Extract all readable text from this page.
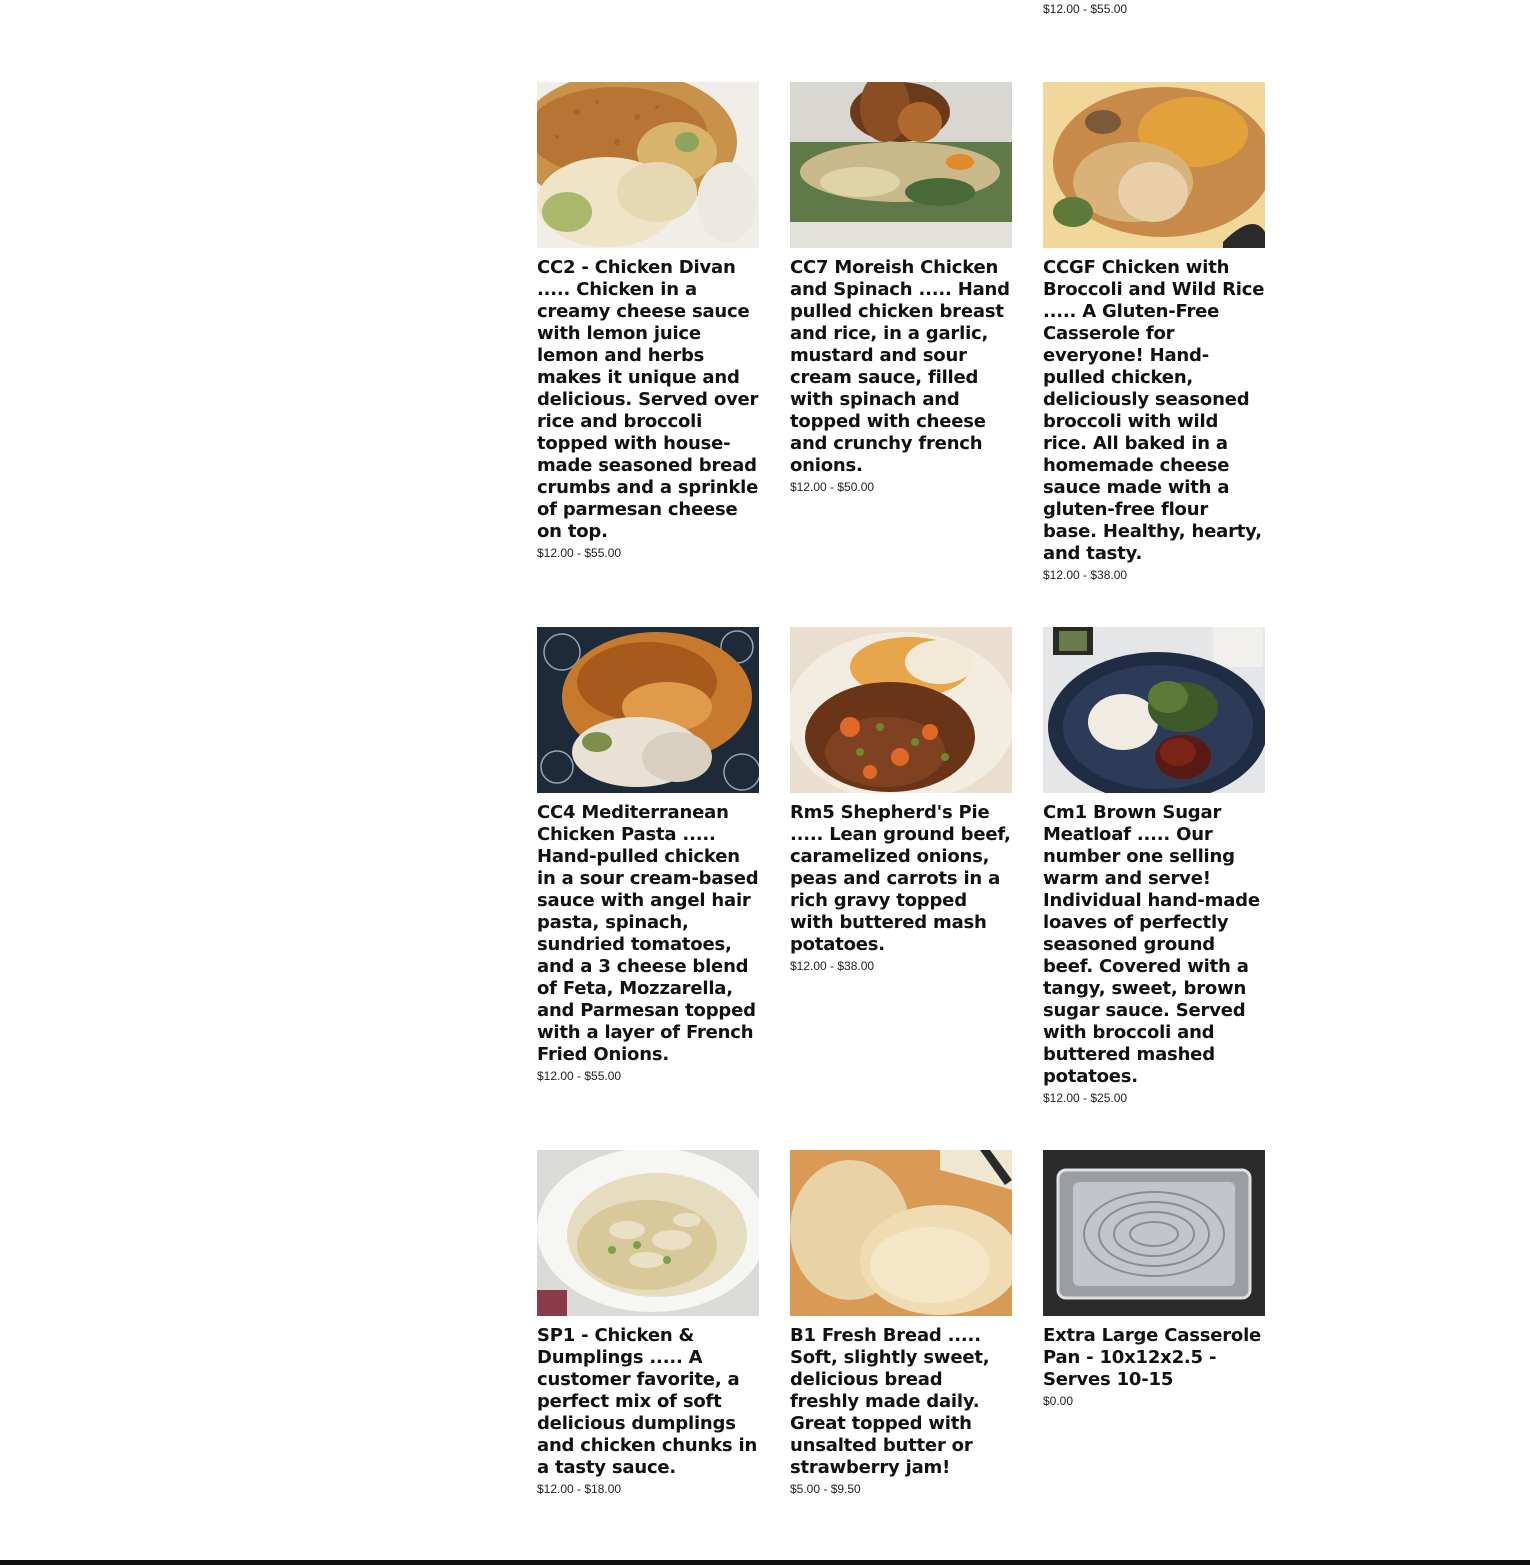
$12.00 - $55.00
CC2 - Chicken Divan ..... Chicken in a creamy cheese sauce with lemon juice lemon and herbs makes it unique and delicious. Served over rice and broccoli topped with house-made seasoned bread crumbs and a sprinkle of parmesan cheese on top.
$12.00 - $55.00
CC7 Moreish Chicken and Spinach ..... Hand pulled chicken breast and rice, in a garlic, mustard and sour cream sauce, filled with spinach and topped with cheese and crunchy french onions.
$12.00 - $50.00
CCGF Chicken with Broccoli and Wild Rice ..... A Gluten-Free Casserole for everyone! Hand-pulled chicken, deliciously seasoned broccoli with wild rice. All baked in a homemade cheese sauce made with a gluten-free flour base. Healthy, hearty, and tasty.
$12.00 - $38.00
CC4 Mediterranean Chicken Pasta ..... Hand-pulled chicken in a sour cream-based sauce with angel hair pasta, spinach, sundried tomatoes, and a 3 cheese blend of Feta, Mozzarella, and Parmesan topped with a layer of French Fried Onions.
$12.00 - $55.00
Rm5 Shepherd's Pie ..... Lean ground beef, caramelized onions, peas and carrots in a rich gravy topped with buttered mash potatoes.
$12.00 - $38.00
Cm1 Brown Sugar Meatloaf ..... Our number one selling warm and serve! Individual hand-made loaves of perfectly seasoned ground beef. Covered with a tangy, sweet, brown sugar sauce. Served with broccoli and buttered mashed potatoes.
$12.00 - $25.00
SP1 - Chicken & Dumplings ..... A customer favorite, a perfect mix of soft delicious dumplings and chicken chunks in a tasty sauce.
$12.00 - $18.00
B1 Fresh Bread ..... Soft, slightly sweet, delicious bread freshly made daily. Great topped with unsalted butter or strawberry jam!
$5.00 - $9.50
Extra Large Casserole Pan - 10x12x2.5 - Serves 10-15
$0.00
